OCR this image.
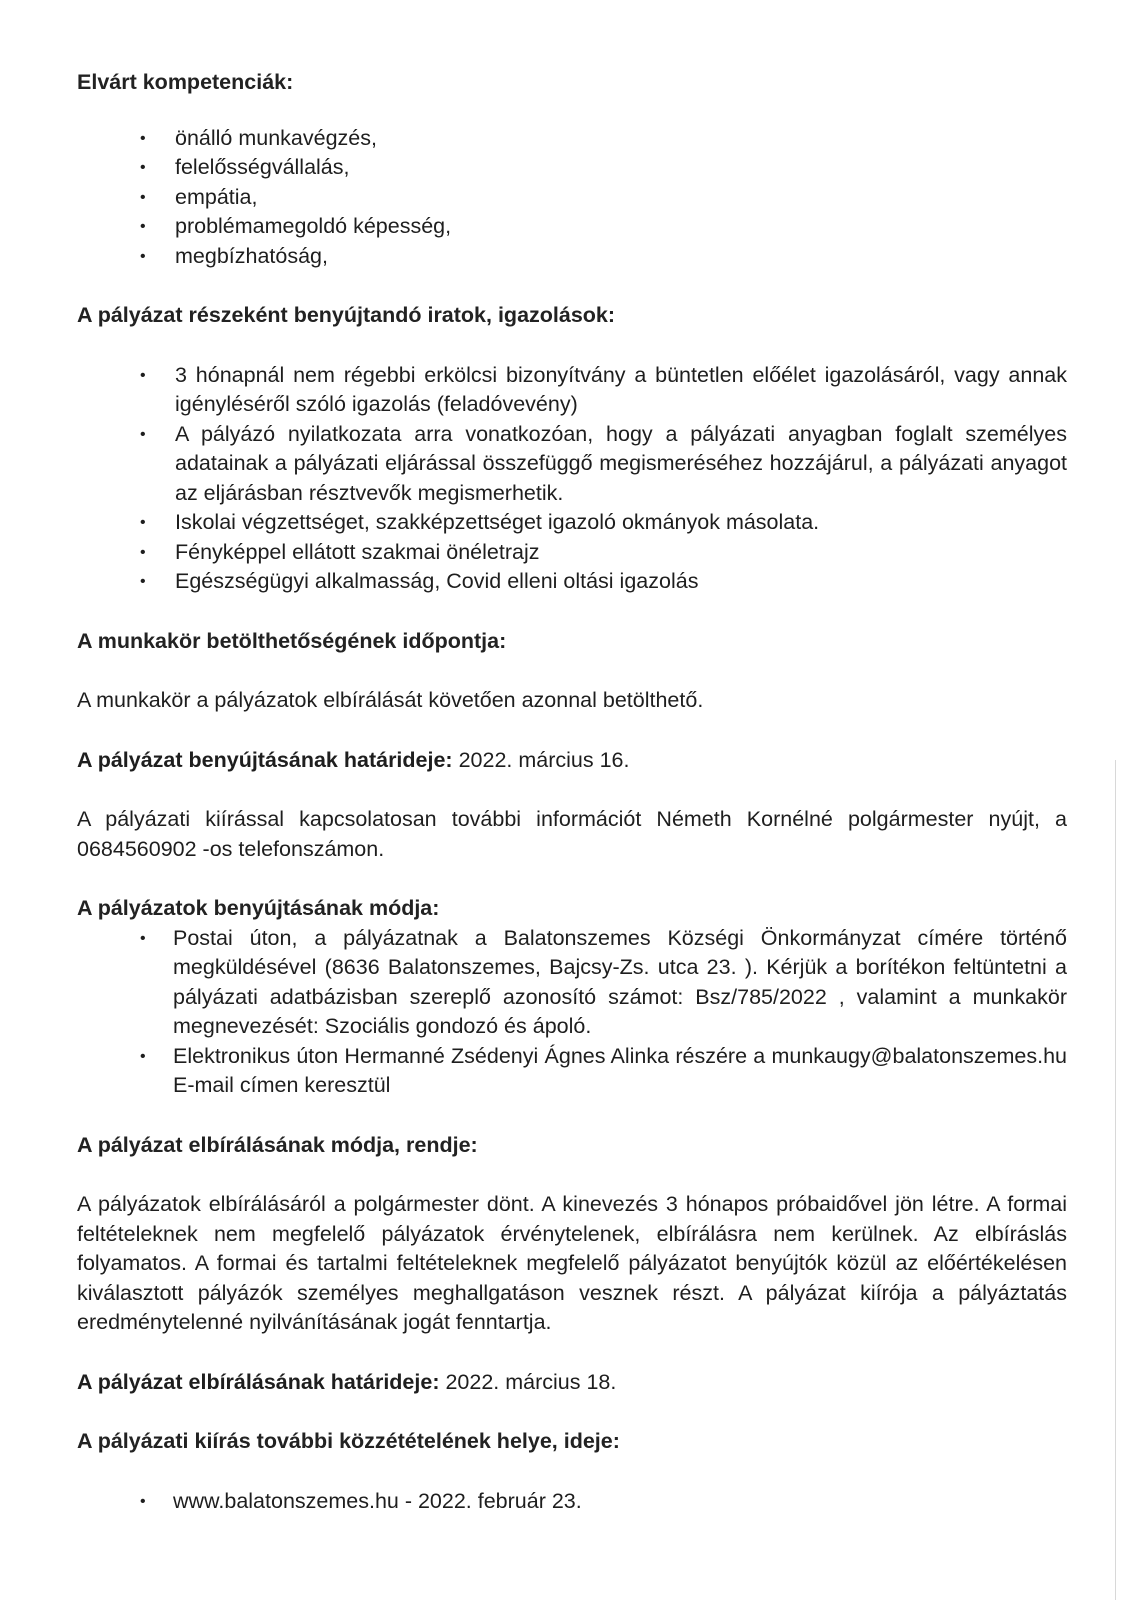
Elvárt kompetenciák:
• önálló munkavégzés,
• felelősségvállalás,
• empátia,
• problémamegoldó képesség,
• megbízhatóság,
A pályázat részeként benyújtandó iratok, igazolások:
• 3 hónapnál nem régebbi erkölcsi bizonyítvány a büntetlen előélet igazolásáról, vagy annak igényléséről szóló igazolás (feladóvevény)
• A pályázó nyilatkozata arra vonatkozóan, hogy a pályázati anyagban foglalt személyes adatainak a pályázati eljárással összefüggő megismeréséhez hozzájárul, a pályázati anyagot az eljárásban résztvevők megismerhetik.
• Iskolai végzettséget, szakképzettséget igazoló okmányok másolata.
• Fényképpel ellátott szakmai önéletrajz
• Egészségügyi alkalmasság, Covid elleni oltási igazolás
A munkakör betölthetőségének időpontja:

A munkakör a pályázatok elbírálását követően azonnal betölthető.

A pályázat benyújtásának határideje: 2022. március 16.

A pályázati kiírással kapcsolatosan további információt Németh Kornélné polgármester nyújt, a 0684560902 -os telefonszámon.

A pályázatok benyújtásának módja:
• Postai úton, a pályázatnak a Balatonszemes Községi Önkormányzat címére történő megküldésével (8636 Balatonszemes, Bajcsy-Zs. utca 23. ). Kérjük a borítékon feltüntetni a pályázati adatbázisban szereplő azonosító számot: Bsz/785/2022 , valamint a munkakör megnevezését: Szociális gondozó és ápoló.
• Elektronikus úton Hermanné Zsédenyi Ágnes Alinka részére a munkaugy@balatonszemes.hu E-mail címen keresztül
A pályázat elbírálásának módja, rendje:

A pályázatok elbírálásáról a polgármester dönt. A kinevezés 3 hónapos próbaidővel jön létre. A formai feltételeknek nem megfelelő pályázatok érvénytelenek, elbírálásra nem kerülnek. Az elbíráslás folyamatos. A formai és tartalmi feltételeknek megfelelő pályázatot benyújtók közül az előértékelésen kiválasztott pályázók személyes meghallgatáson vesznek részt. A pályázat kiírója a pályáztatás eredménytelenné nyilvánításának jogát fenntartja.

A pályázat elbírálásának határideje: 2022. március 18.

A pályázati kiírás további közzétételének helye, ideje:
• www.balatonszemes.hu - 2022. február 23.
